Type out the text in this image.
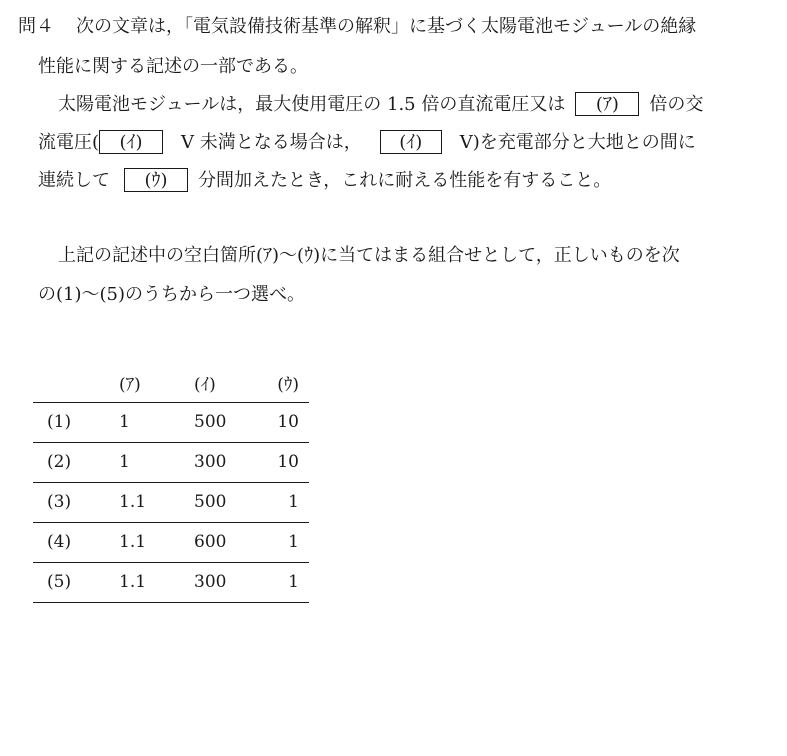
問４ 次の文章は，「電気設備技術基準の解釈」に基づく太陽電池モジュールの絶縁
性能に関する記述の一部である。
太陽電池モジュールは，最大使用電圧の 1.5 倍の直流電圧又は (ｱ) 倍の交
流電圧( (ｲ) V 未満となる場合は， (ｲ) V)を充電部分と大地との間に
連続して (ｳ) 分間加えたとき，これに耐える性能を有すること。
上記の記述中の空白箇所(ｱ)～(ｳ)に当てはまる組合せとして，正しいものを次
の(1)～(5)のうちから一つ選べ。
	(ｱ)	(ｲ)	(ｳ)
(1)	1	500	10
(2)	1	300	10
(3)	1.1	500	1
(4)	1.1	600	1
(5)	1.1	300	1
